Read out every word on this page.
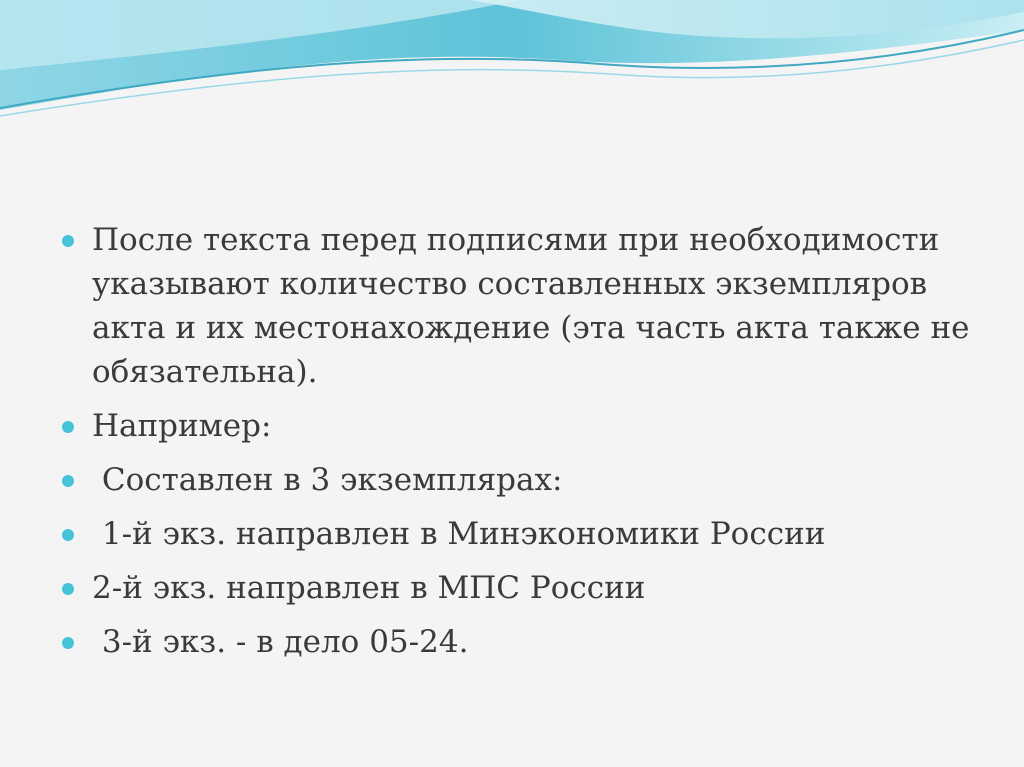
После текста перед подписями при необходимости указывают количество составленных экземпляров акта и их местонахождение (эта часть акта также не обязательна).
Например:
Составлен в 3 экземплярах:
1-й экз. направлен в Минэкономики России
2-й экз. направлен в МПС России
3-й экз. - в дело 05-24.
